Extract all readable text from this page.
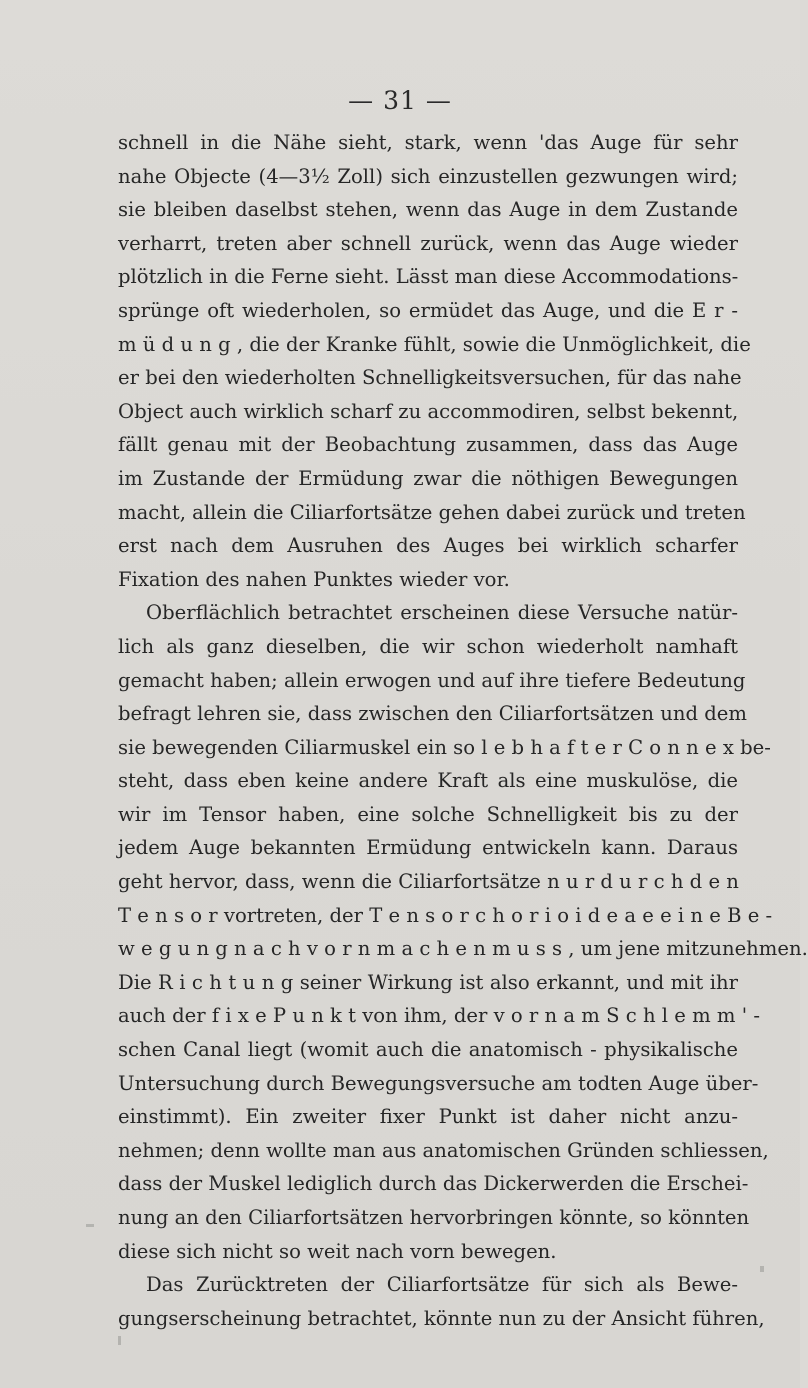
— 31 —
schnell in die Nähe sieht, stark, wenn 'das Auge für sehr
nahe Objecte (4—3½ Zoll) sich einzustellen gezwungen wird;
sie bleiben daselbst stehen, wenn das Auge in dem Zustande
verharrt, treten aber schnell zurück, wenn das Auge wieder
plötzlich in die Ferne sieht. Lässt man diese Accommodations-
sprünge oft wiederholen, so ermüdet das Auge, und die E r -
m ü d u n g , die der Kranke fühlt, sowie die Unmöglichkeit, die
er bei den wiederholten Schnelligkeitsversuchen, für das nahe
Object auch wirklich scharf zu accommodiren, selbst bekennt,
fällt genau mit der Beobachtung zusammen, dass das Auge
im Zustande der Ermüdung zwar die nöthigen Bewegungen
macht, allein die Ciliarfortsätze gehen dabei zurück und treten
erst nach dem Ausruhen des Auges bei wirklich scharfer
Fixation des nahen Punktes wieder vor.
Oberflächlich betrachtet erscheinen diese Versuche natür-
lich als ganz dieselben, die wir schon wiederholt namhaft
gemacht haben; allein erwogen und auf ihre tiefere Bedeutung
befragt lehren sie, dass zwischen den Ciliarfortsätzen und dem
sie bewegenden Ciliarmuskel ein so l e b h a f t e r C o n n e x be-
steht, dass eben keine andere Kraft als eine muskulöse, die
wir im Tensor haben, eine solche Schnelligkeit bis zu der
jedem Auge bekannten Ermüdung entwickeln kann. Daraus
geht hervor, dass, wenn die Ciliarfortsätze n u r d u r c h d e n
T e n s o r vortreten, der T e n s o r c h o r i o i d e a e e i n e B e -
w e g u n g n a c h v o r n m a c h e n m u s s , um jene mitzunehmen.
Die R i c h t u n g seiner Wirkung ist also erkannt, und mit ihr
auch der f i x e P u n k t von ihm, der v o r n a m S c h l e m m ' -
schen Canal liegt (womit auch die anatomisch - physikalische
Untersuchung durch Bewegungsversuche am todten Auge über-
einstimmt). Ein zweiter fixer Punkt ist daher nicht anzu-
nehmen; denn wollte man aus anatomischen Gründen schliessen,
dass der Muskel lediglich durch das Dickerwerden die Erschei-
nung an den Ciliarfortsätzen hervorbringen könnte, so könnten
diese sich nicht so weit nach vorn bewegen.
Das Zurücktreten der Ciliarfortsätze für sich als Bewe-
gungserscheinung betrachtet, könnte nun zu der Ansicht führen,
